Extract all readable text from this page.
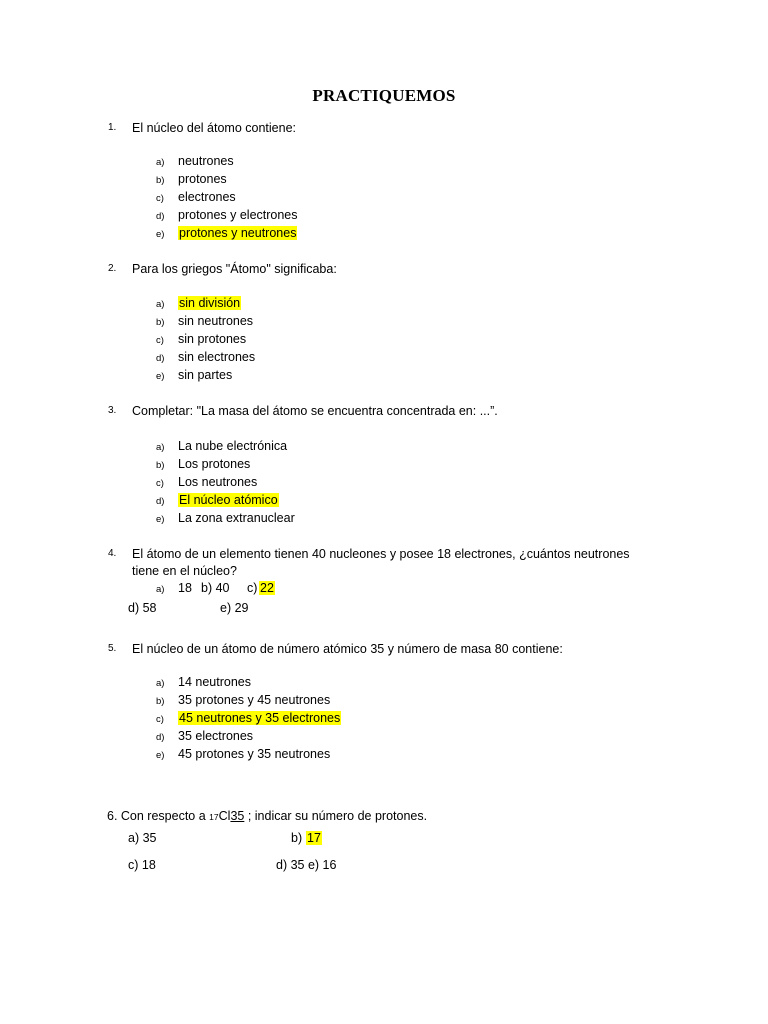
PRACTIQUEMOS
1. El núcleo del átomo contiene:
a) neutrones
b) protones
c) electrones
d) protones y electrones
e) protones y neutrones
2. Para los griegos "Átomo" significaba:
a) sin división
b) sin neutrones
c) sin protones
d) sin electrones
e) sin partes
3. Completar: "La masa del átomo se encuentra concentrada en: ...”.
a) La nube electrónica
b) Los protones
c) Los neutrones
d) El núcleo atómico
e) La zona extranuclear
4. El átomo de un elemento tienen 40 nucleones y posee 18 electrones, ¿cuántos neutrones
tiene en el núcleo?
a) 18 b) 40 c) 22
d) 58	e) 29
5. El núcleo de un átomo de número atómico 35 y número de masa 80 contiene:
a) 14 neutrones
b) 35 protones y 45 neutrones
c) 45 neutrones y 35 electrones
d) 35 electrones
e) 45 protones y 35 neutrones
6. Con respecto a 17Cl35 ; indicar su número de protones.
a) 35	b) 17
c) 18	d) 35 e) 16
